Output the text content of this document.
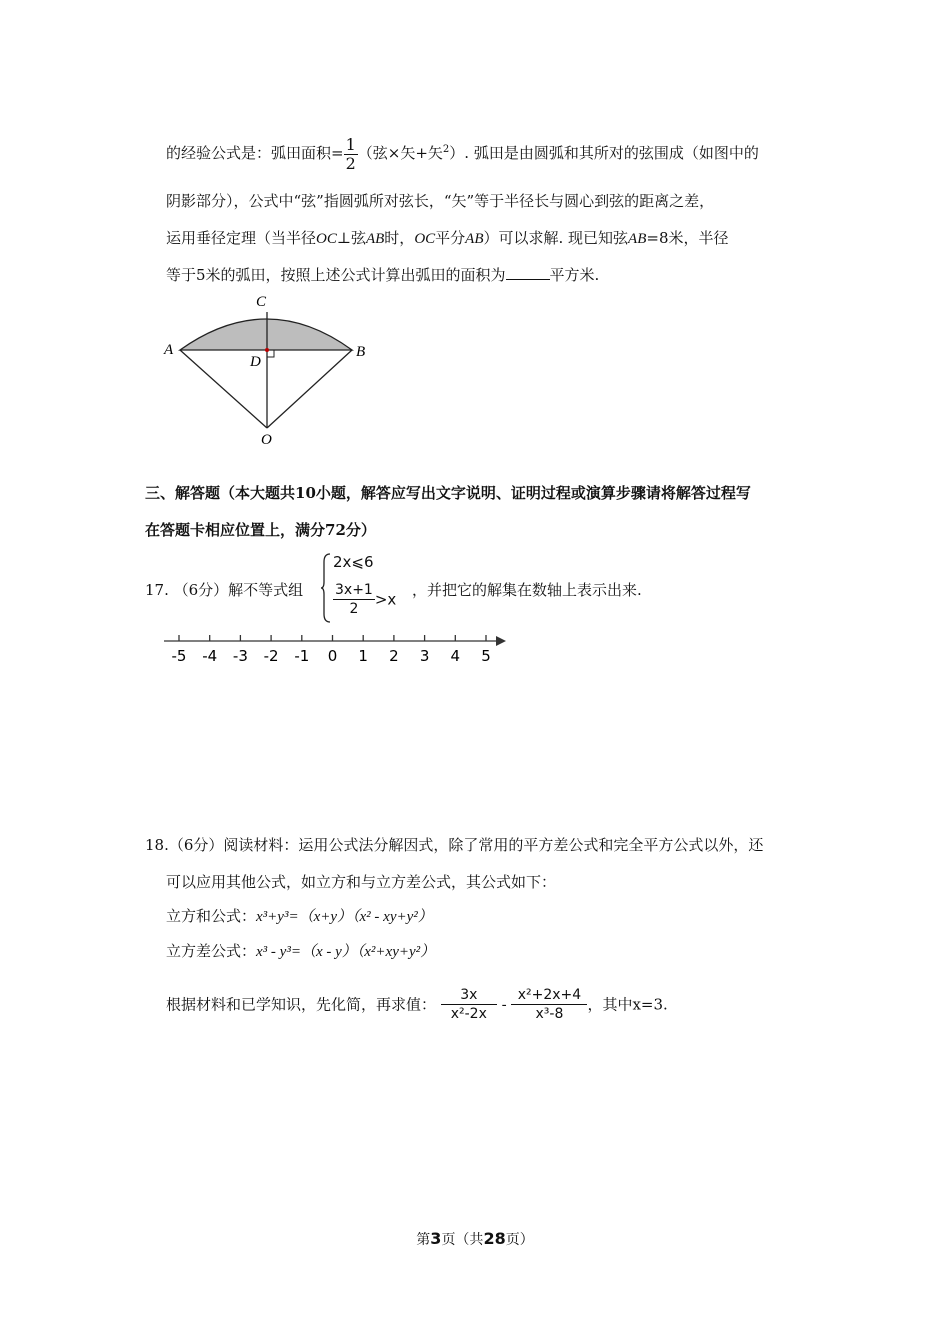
的经验公式是：弧田面积= $\frac{1}{2}$ （弦×矢+矢$^2$）. 弧田是由圆弧和其所对的弦围成（如图中的
阴影部分），公式中“弦”指圆弧所对弦长，“矢”等于半径长与圆心到弦的距离之差，
运用垂径定理（当半径OC⊥弦AB时，OC平分AB）可以求解. 现已知弦AB=8米，半径
等于5米的弧田，按照上述公式计算出弧田的面积为	平方米.
C
A	B
D
O
三、解答题（本大题共10小题，解答应写出文字说明、证明过程或演算步骤请将解答过程写
在答题卡相应位置上，满分72分）
17. （6分）解不等式组
2x⩽6
$\frac{3x+1}{2} >x$
，并把它的解集在数轴上表示出来.
-5 -4 -3 -2 -1 0 1 2 3 4 5
18.（6分）阅读材料：运用公式法分解因式，除了常用的平方差公式和完全平方公式以外，还
可以应用其他公式，如立方和与立方差公式，其公式如下：
立方和公式：x³+y³=（x+y）（x² - xy+y²）
立方差公式：x³ - y³=（x - y）（x²+xy+y²）
根据材料和已学知识，先化简，再求值： $\frac{3x}{\text{x²-2x}} - \frac{\text{x²+2x+4}}{\text{x³-8}}$ ，其中x=3.
第3页（共28页）
